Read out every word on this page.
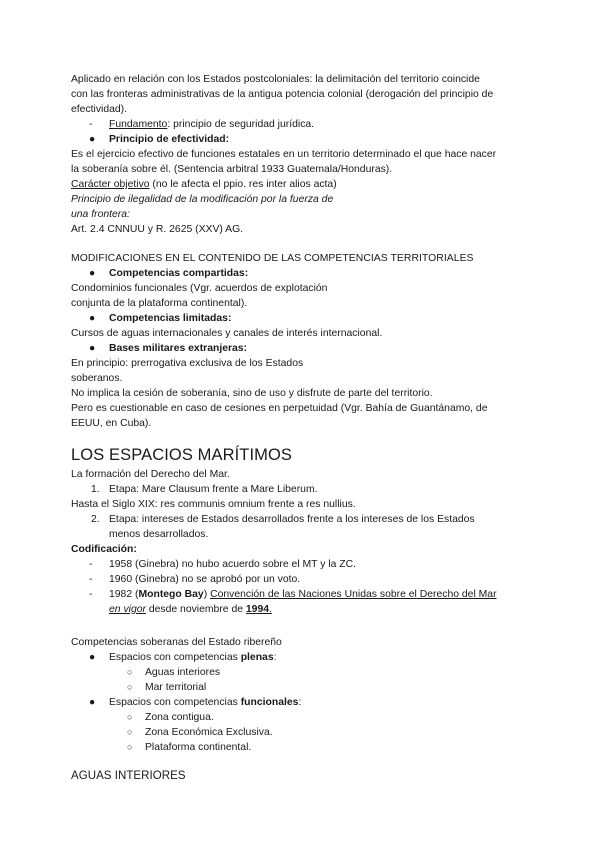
Aplicado en relación con los Estados postcoloniales: la delimitación del territorio coincide

con las fronteras administrativas de la antigua potencia colonial (derogación del principio de

efectividad).

- Fundamento: principio de seguridad jurídica.

● Principio de efectividad:

Es el ejercicio efectivo de funciones estatales en un territorio determinado el que hace nacer

la soberanía sobre él. (Sentencia arbitral 1933 Guatemala/Honduras).

Carácter objetivo (no le afecta el ppio. res inter alios acta)

Principio de ilegalidad de la modificación por la fuerza de

una frontera:

Art. 2.4 CNNUU y R. 2625 (XXV) AG.

MODIFICACIONES EN EL CONTENIDO DE LAS COMPETENCIAS TERRITORIALES

● Competencias compartidas:

Condominios funcionales (Vgr. acuerdos de explotación

conjunta de la plataforma continental).

● Competencias limitadas:

Cursos de aguas internacionales y canales de interés internacional.

● Bases militares extranjeras:

En principio: prerrogativa exclusiva de los Estados

soberanos.

No implica la cesión de soberanía, sino de uso y disfrute de parte del territorio.

Pero es cuestionable en caso de cesiones en perpetuidad (Vgr. Bahía de Guantánamo, de

EEUU, en Cuba).

LOS ESPACIOS MARÍTIMOS

La formación del Derecho del Mar.

1. Etapa: Mare Clausum frente a Mare Liberum.

Hasta el Siglo XIX: res communis omnium frente a res nullius.

2. Etapa: intereses de Estados desarrollados frente a los intereses de los Estados

menos desarrollados.

Codificación:

- 1958 (Ginebra) no hubo acuerdo sobre el MT y la ZC.

- 1960 (Ginebra) no se aprobó por un voto.

- 1982 (Montego Bay) Convención de las Naciones Unidas sobre el Derecho del Mar
en vigor desde noviembre de 1994.

Competencias soberanas del Estado ribereño

● Espacios con competencias plenas:

○ Aguas interiores

○ Mar territorial

● Espacios con competencias funcionales:

○ Zona contigua.

○ Zona Económica Exclusiva.

○ Plataforma continental.

AGUAS INTERIORES
